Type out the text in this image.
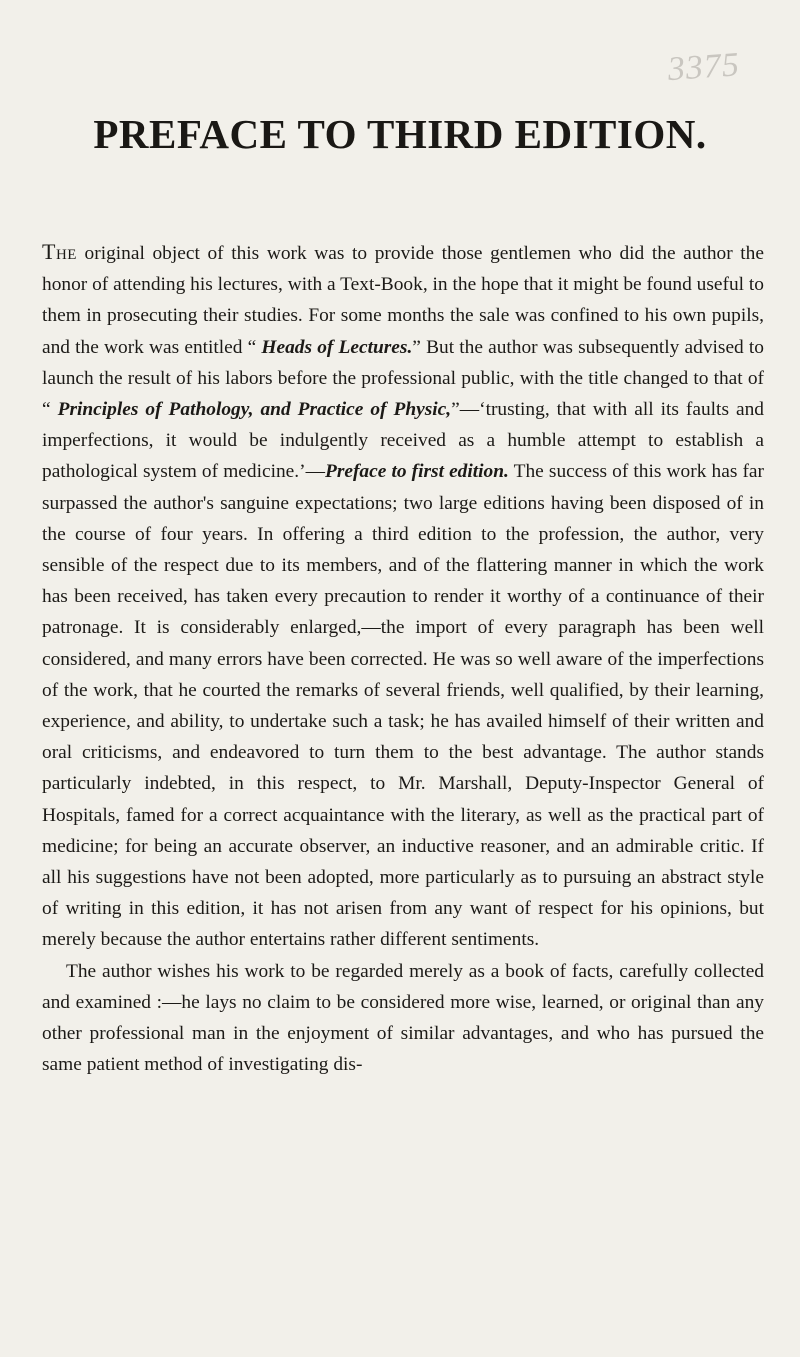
3375
PREFACE TO THIRD EDITION.

The original object of this work was to provide those gentlemen who did the author the honor of attending his lectures, with a Text-Book, in the hope that it might be found useful to them in prosecuting their studies. For some months the sale was confined to his own pupils, and the work was entitled “ Heads of Lectures.” But the author was subsequently advised to launch the result of his labors before the professional public, with the title changed to that of “ Principles of Pathology, and Practice of Physic,”—‘trusting, that with all its faults and imperfections, it would be indulgently received as a humble attempt to establish a pathological system of medicine.’—Preface to first edition. The success of this work has far surpassed the author's sanguine expectations; two large editions having been disposed of in the course of four years. In offering a third edition to the profession, the author, very sensible of the respect due to its members, and of the flattering manner in which the work has been received, has taken every precaution to render it worthy of a continuance of their patronage. It is considerably enlarged,—the import of every paragraph has been well considered, and many errors have been corrected. He was so well aware of the imperfections of the work, that he courted the remarks of several friends, well qualified, by their learning, experience, and ability, to undertake such a task; he has availed himself of their written and oral criticisms, and endeavored to turn them to the best advantage. The author stands particularly indebted, in this respect, to Mr. Marshall, Deputy-Inspector General of Hospitals, famed for a correct acquaintance with the literary, as well as the practical part of medicine; for being an accurate observer, an inductive reasoner, and an admirable critic. If all his suggestions have not been adopted, more particularly as to pursuing an abstract style of writing in this edition, it has not arisen from any want of respect for his opinions, but merely because the author entertains rather different sentiments.

The author wishes his work to be regarded merely as a book of facts, carefully collected and examined :—he lays no claim to be considered more wise, learned, or original than any other professional man in the enjoyment of similar advantages, and who has pursued the same patient method of investigating dis-
